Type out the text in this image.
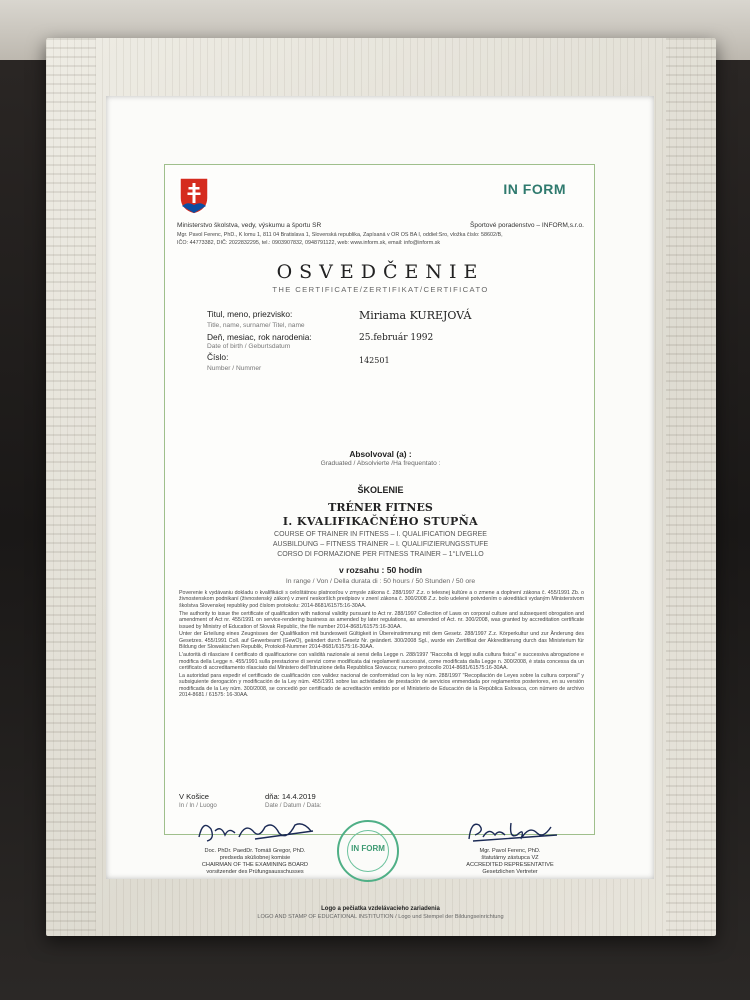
IN FORM
Ministerstvo školstva, vedy, výskumu a športu SR	Športové poradenstvo – INFORM,s.r.o.
Mgr. Pavol Ferenc, PhD., K lomu 1, 811 04 Bratislava 1, Slovenská republika, Zapísaná v OR OS BA I, oddiel:Sro, vložka číslo: 58602/B,
IČO: 44773382, DIČ: 2022832295, tel.: 0903907832, 0948791122, web: www.inform.sk, email: info@inform.sk
OSVEDČENIE
THE CERTIFICATE/ZERTIFIKAT/CERTIFICATO
Titul, meno, priezvisko:
Title, name, surname/ Titel, name
Miriama KUREJOVÁ
Deň, mesiac, rok narodenia:
Date of birth / Geburtsdatum
25.február 1992
Číslo:
Number / Nummer
142501
Absolvoval (a) :
Graduated / Absolvierte /Ha frequentato :
ŠKOLENIE
TRÉNER FITNES
I. KVALIFIKAČNÉHO STUPŇA
COURSE OF TRAINER IN FITNESS – I. QUALIFICATION DEGREE
AUSBILDUNG – FITNESS TRAINER – I. QUALIFIZIERUNGSSTUFE
CORSO DI FORMAZIONE PER FITNESS TRAINER – 1°LIVELLO
v rozsahu : 50 hodín
In range / Von / Della durata di : 50 hours / 50 Stunden / 50 ore

Poverenie k vydávaniu dokladu o kvalifikácii s celoštátnou platnosťou v zmysle zákona č. 288/1997 Z.z. o telesnej kultúre a o zmene a doplnení zákona č. 455/1991 Zb. o živnostenskom podnikaní (živnostenský zákon) v znení neskorších predpisov v znení zákona č. 300/2008 Z.z. bolo udelené potvrdením o akreditácii vydaným Ministerstvom školstva Slovenskej republiky pod číslom protokolu: 2014-8681/61575:16-30AA.

The authority to issue the certificate of qualification with national validity pursuant to Act nr. 288/1997 Collection of Laws on corporal culture and subsequent obrogation and amendment of Act nr. 455/1991 on service-rendering business as amended by later regulations, as amended of Act. nr. 300/2008, was granted by accreditation certificate issued by Ministry of Education of Slovak Republic, the file number 2014-8681/61575:16-30AA.

Unter der Erteilung eines Zeugnisses der Qualifikation mit bundesweit Gültigkeit in Übereinstimmung mit dem Gesetz. 288/1997 Z.z. Körperkultur und zur Änderung des Gesetzes. 455/1991 Coll. auf Gewerbeamt (GewO), geändert durch Gesetz Nr. geändert. 300/2008 Sgl., wurde ein Zertifikat der Akkreditierung durch das Ministerium für Bildung der Slowakischen Republik, Protokoll-Nummer 2014-8681/61575:16-30AA.

L'autorità di rilasciare il certificato di qualificazione con validità nazionale ai sensi della Legge n. 288/1997 "Raccolta di leggi sulla cultura fisica" e successiva abrogazione e modifica della Legge n. 455/1991 sulla prestazione di servizi come modificata dai regolamenti successivi, come modificata dalla Legge n. 300/2008, è stata concessa da un certificato di accreditamento rilasciato dal Ministero dell'Istruzione della Repubblica Slovacca; numero protocollo 2014-8681/61575:16-30AA.

La autoridad para expedir el certificado de cualificación con validez nacional de conformidad con la ley núm. 288/1997 "Recopilación de Leyes sobre la cultura corporal" y subsiguiente derogación y modificación de la Ley núm. 455/1991 sobre las actividades de prestación de servicios enmendada por reglamentos posteriores, en su versión modificada de la Ley núm. 300/2008, se concedió por certificado de acreditación emitido por el Ministerio de Educación de la República Eslovaca, con número de archivo 2014-8681 / 61575: 16-30AA.

V Košice
In / In / Luogo
dňa: 14.4.2019
Date / Datum / Data:
Doc. PhDr. PaedDr. Tomáš Gregor, PhD.
predseda skúšobnej komisie
CHAIRMAN OF THE EXAMINING BOARD
vorsitzender des Prüfungsausschusses
Mgr. Pavol Ferenc, PhD.
štatutárny zástupca VZ
ACCREDITED REPRESENTATIVE
Gesetzlichen Vertreter
IN FORM
Logo a pečiatka vzdelávacieho zariadenia
LOGO AND STAMP OF EDUCATIONAL INSTITUTION / Logo und Stempel der Bildungseinrichtung
